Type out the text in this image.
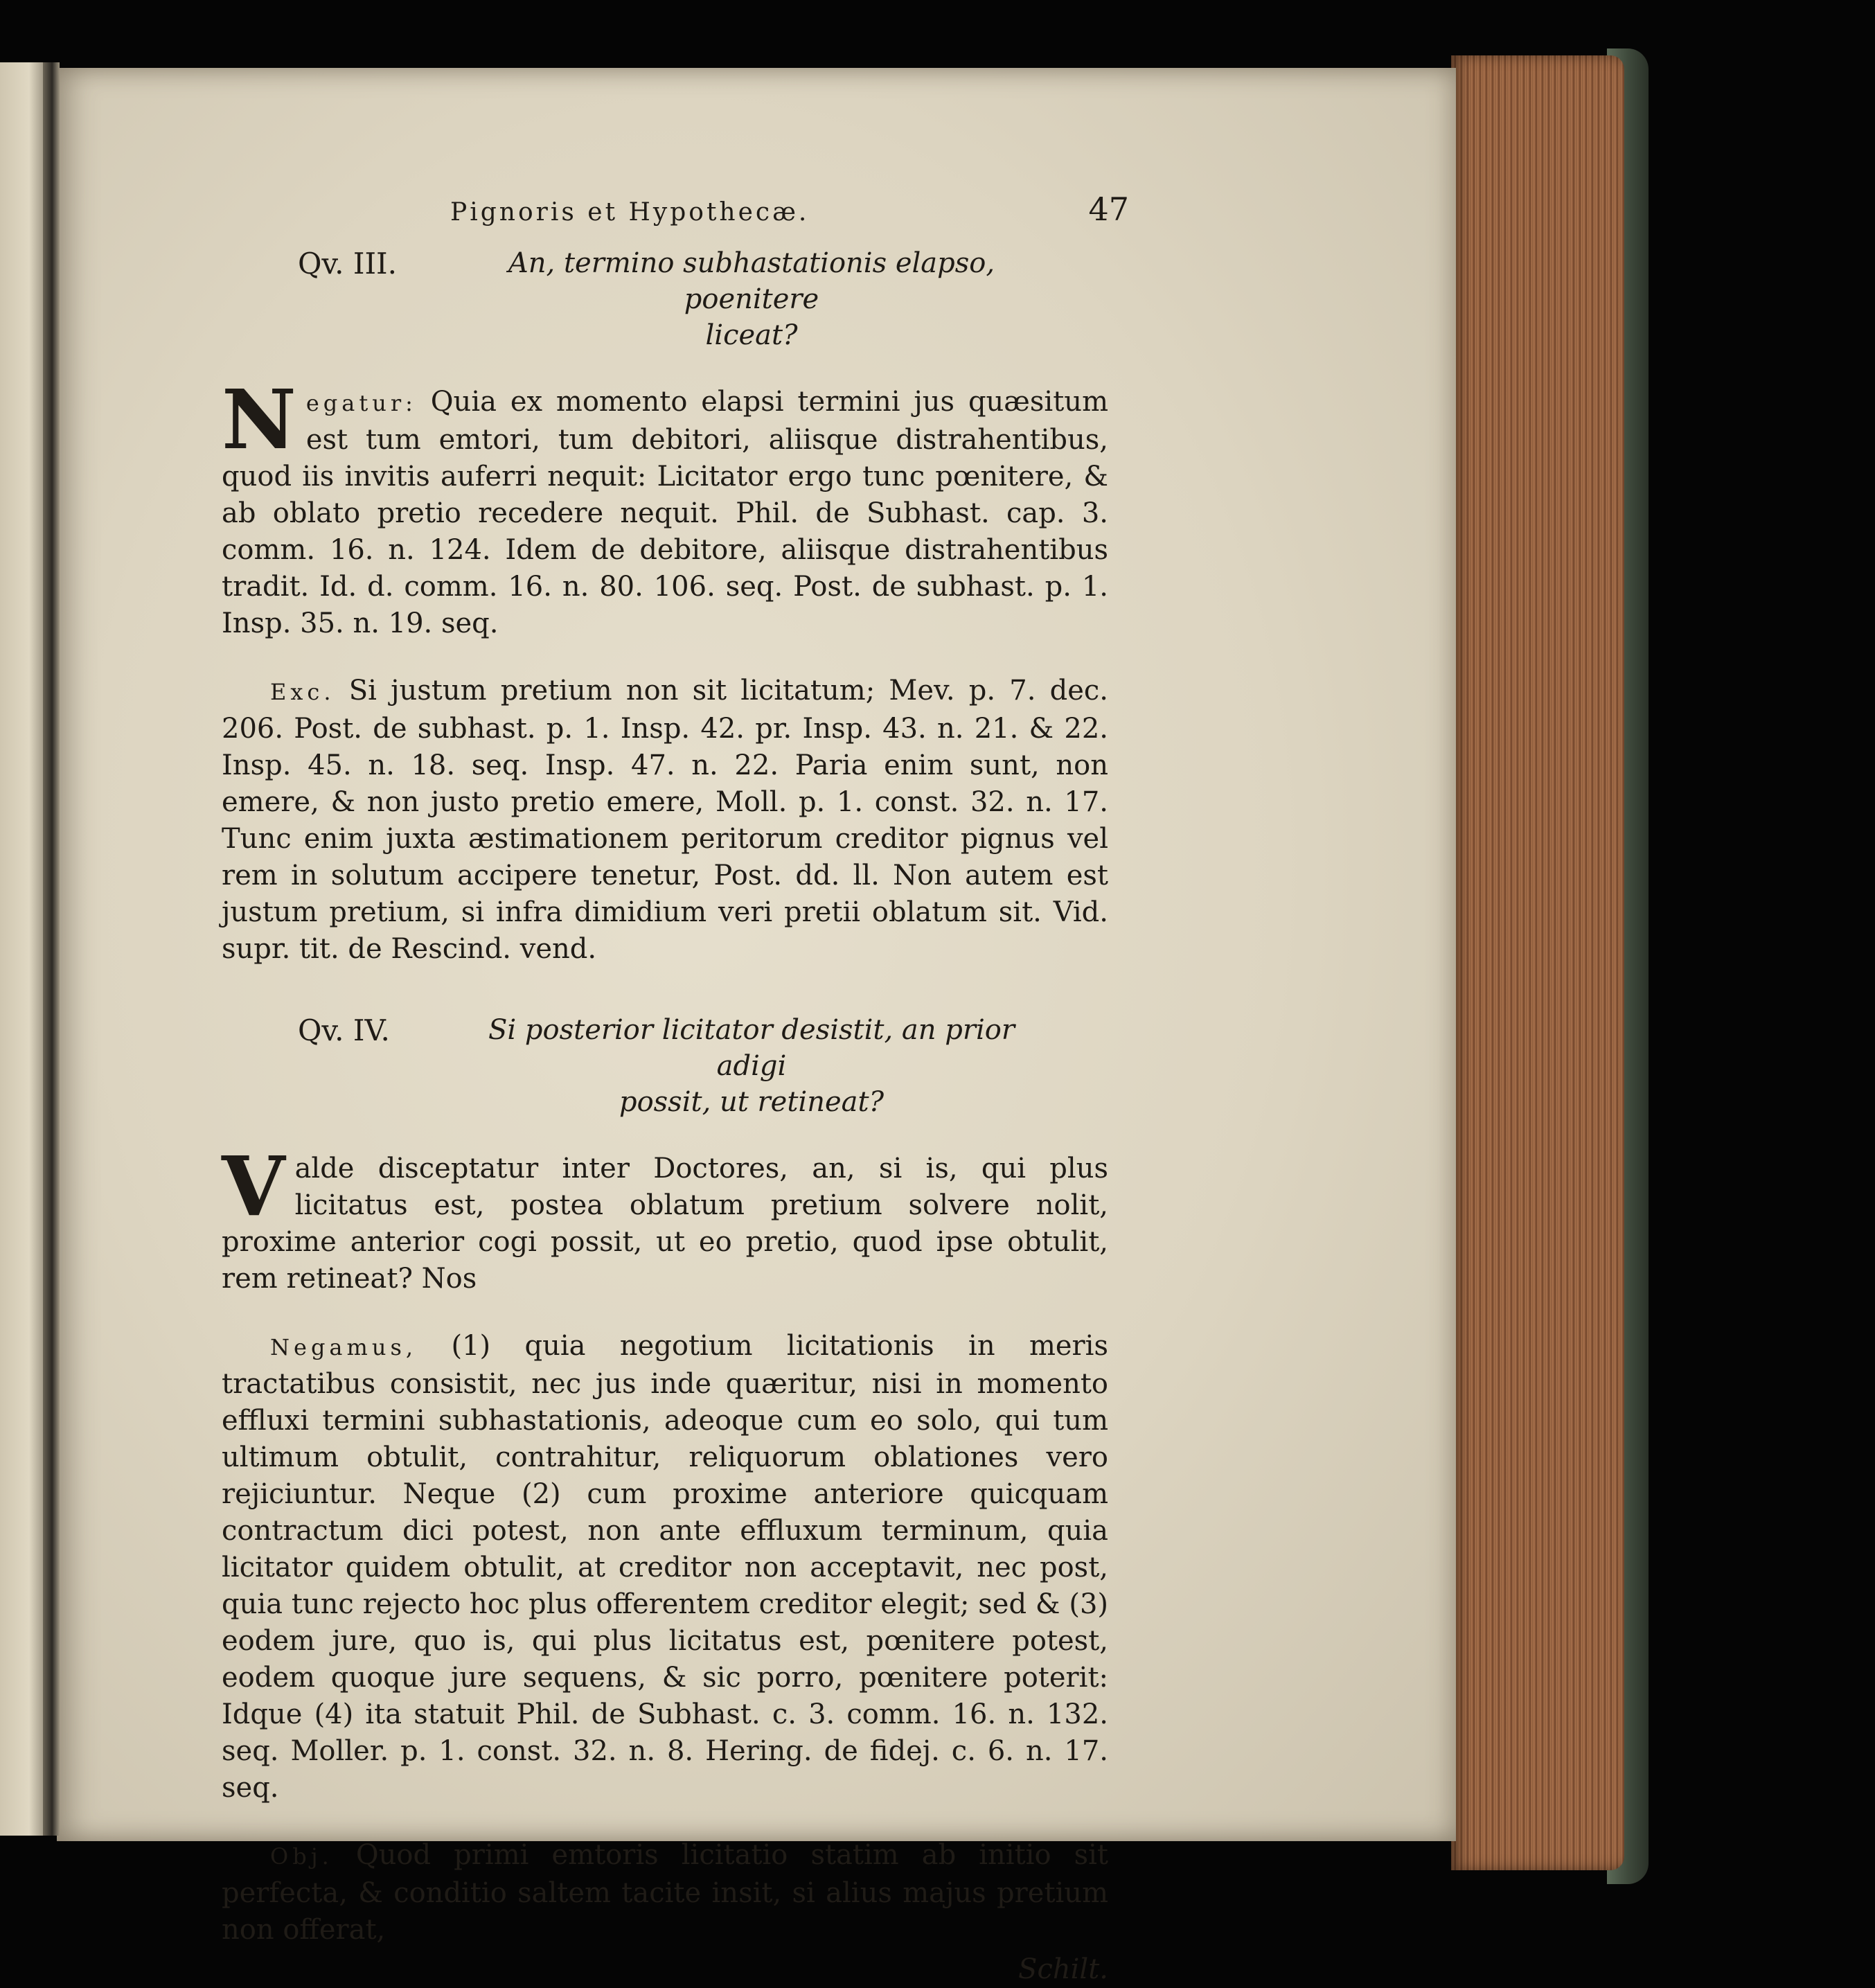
Pignoris et Hypothecæ.	47
Qv. III.	An, termino subhastationis elapso, poenitere
liceat?
N egatur: Quia ex momento elapsi termini jus quæsitum est tum emtori, tum debitori, aliisque distrahentibus, quod iis invitis auferri nequit: Licitator ergo tunc pœnitere, & ab oblato pretio recedere nequit. Phil. de Subhast. cap. 3. comm. 16. n. 124. Idem de debitore, aliisque distrahentibus tradit. Id. d. comm. 16. n. 80. 106. seq. Post. de subhast. p. 1. Insp. 35. n. 19. seq.

Exc. Si justum pretium non sit licitatum; Mev. p. 7. dec. 206. Post. de subhast. p. 1. Insp. 42. pr. Insp. 43. n. 21. & 22. Insp. 45. n. 18. seq. Insp. 47. n. 22. Paria enim sunt, non emere, & non justo pretio emere, Moll. p. 1. const. 32. n. 17. Tunc enim juxta æstimationem peritorum creditor pignus vel rem in solutum accipere tenetur, Post. dd. ll. Non autem est justum pretium, si infra dimidium veri pretii oblatum sit. Vid. supr. tit. de Rescind. vend.

Qv. IV.	Si posterior licitator desistit, an prior adigi
possit, ut retineat?
V alde disceptatur inter Doctores, an, si is, qui plus licitatus est, postea oblatum pretium solvere nolit, proxime anterior cogi possit, ut eo pretio, quod ipse obtulit, rem retineat? Nos

Negamus, (1) quia negotium licitationis in meris tractatibus consistit, nec jus inde quæritur, nisi in momento effluxi termini subhastationis, adeoque cum eo solo, qui tum ultimum obtulit, contrahitur, reliquorum oblationes vero rejiciuntur. Neque (2) cum proxime anteriore quicquam contractum dici potest, non ante effluxum terminum, quia licitator quidem obtulit, at creditor non acceptavit, nec post, quia tunc rejecto hoc plus offerentem creditor elegit; sed & (3) eodem jure, quo is, qui plus licitatus est, pœnitere potest, eodem quoque jure sequens, & sic porro, pœnitere poterit: Idque (4) ita statuit Phil. de Subhast. c. 3. comm. 16. n. 132. seq. Moller. p. 1. const. 32. n. 8. Hering. de fidej. c. 6. n. 17. seq.

Obj. Quod primi emtoris licitatio statim ab initio sit perfecta, & conditio saltem tacite insit, si alius majus pretium non offerat,

Schilt.
